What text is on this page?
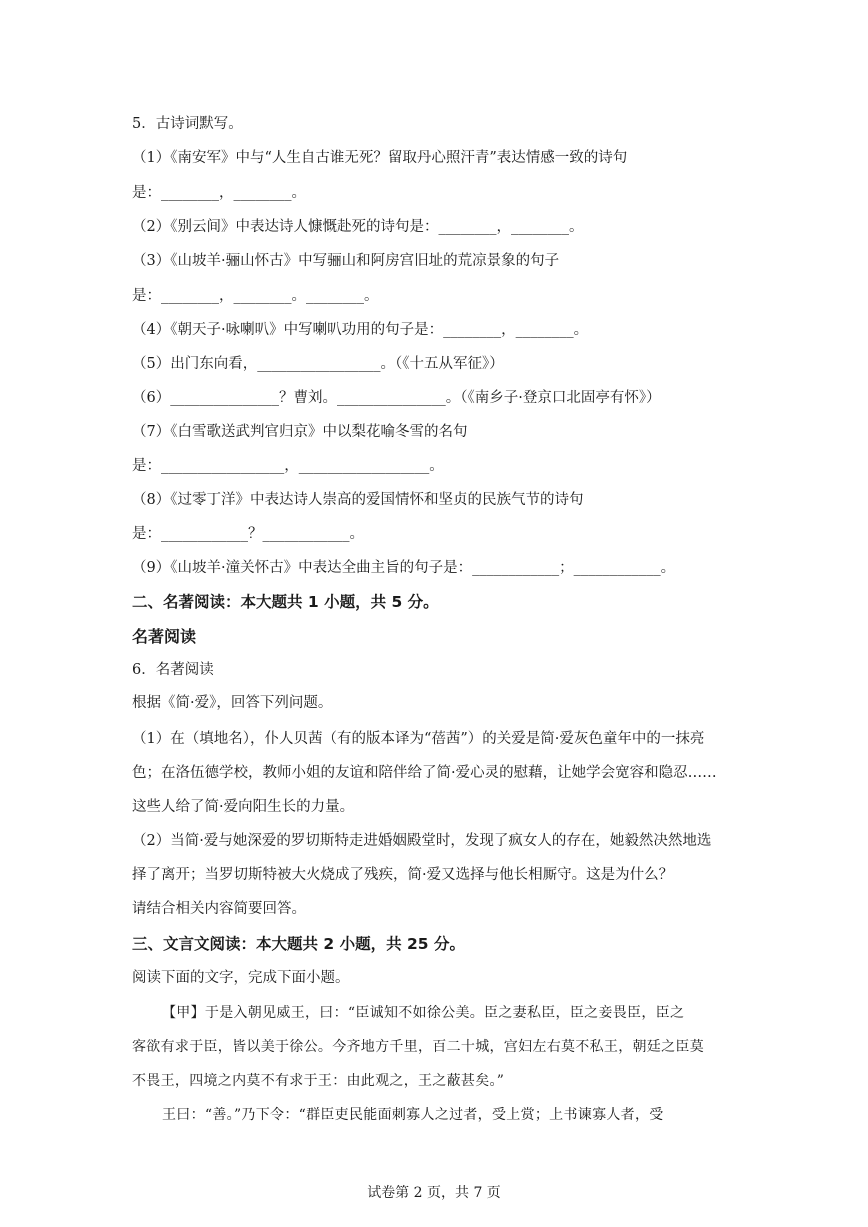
5．古诗词默写。
（1）《南安军》中与“人生自古谁无死？留取丹心照汗青”表达情感一致的诗句
是：________，________。
（2）《别云间》中表达诗人慷慨赴死的诗句是：________，________。
（3）《山坡羊·骊山怀古》中写骊山和阿房宫旧址的荒凉景象的句子
是：________，________。________。
（4）《朝天子·咏喇叭》中写喇叭功用的句子是：________，________。
（5）出门东向看，_________________。（《十五从军征》）
（6）_______________？曹刘。_______________。（《南乡子·登京口北固亭有怀》）
（7）《白雪歌送武判官归京》中以梨花喻冬雪的名句
是：_________________，__________________。
（8）《过零丁洋》中表达诗人崇高的爱国情怀和坚贞的民族气节的诗句
是：____________？____________。
（9）《山坡羊·潼关怀古》中表达全曲主旨的句子是：____________；____________。
二、名著阅读：本大题共 1 小题，共 5 分。
名著阅读
6．名著阅读
根据《简·爱》，回答下列问题。
（1）在（填地名），仆人贝茜（有的版本译为“蓓茜”）的关爱是简·爱灰色童年中的一抹亮
色；在洛伍德学校，教师小姐的友谊和陪伴给了简·爱心灵的慰藉，让她学会宽容和隐忍……
这些人给了简·爱向阳生长的力量。
（2）当简·爱与她深爱的罗切斯特走进婚姻殿堂时，发现了疯女人的存在，她毅然决然地选
择了离开；当罗切斯特被大火烧成了残疾，简·爱又选择与他长相厮守。这是为什么？
请结合相关内容简要回答。
三、文言文阅读：本大题共 2 小题，共 25 分。
阅读下面的文字，完成下面小题。
【甲】于是入朝见威王，曰：“臣诚知不如徐公美。臣之妻私臣，臣之妾畏臣，臣之
客欲有求于臣，皆以美于徐公。今齐地方千里，百二十城，宫妇左右莫不私王，朝廷之臣莫
不畏王，四境之内莫不有求于王：由此观之，王之蔽甚矣。”
王曰：“善。”乃下令：“群臣吏民能面刺寡人之过者，受上赏；上书谏寡人者，受
试卷第 2 页，共 7 页
